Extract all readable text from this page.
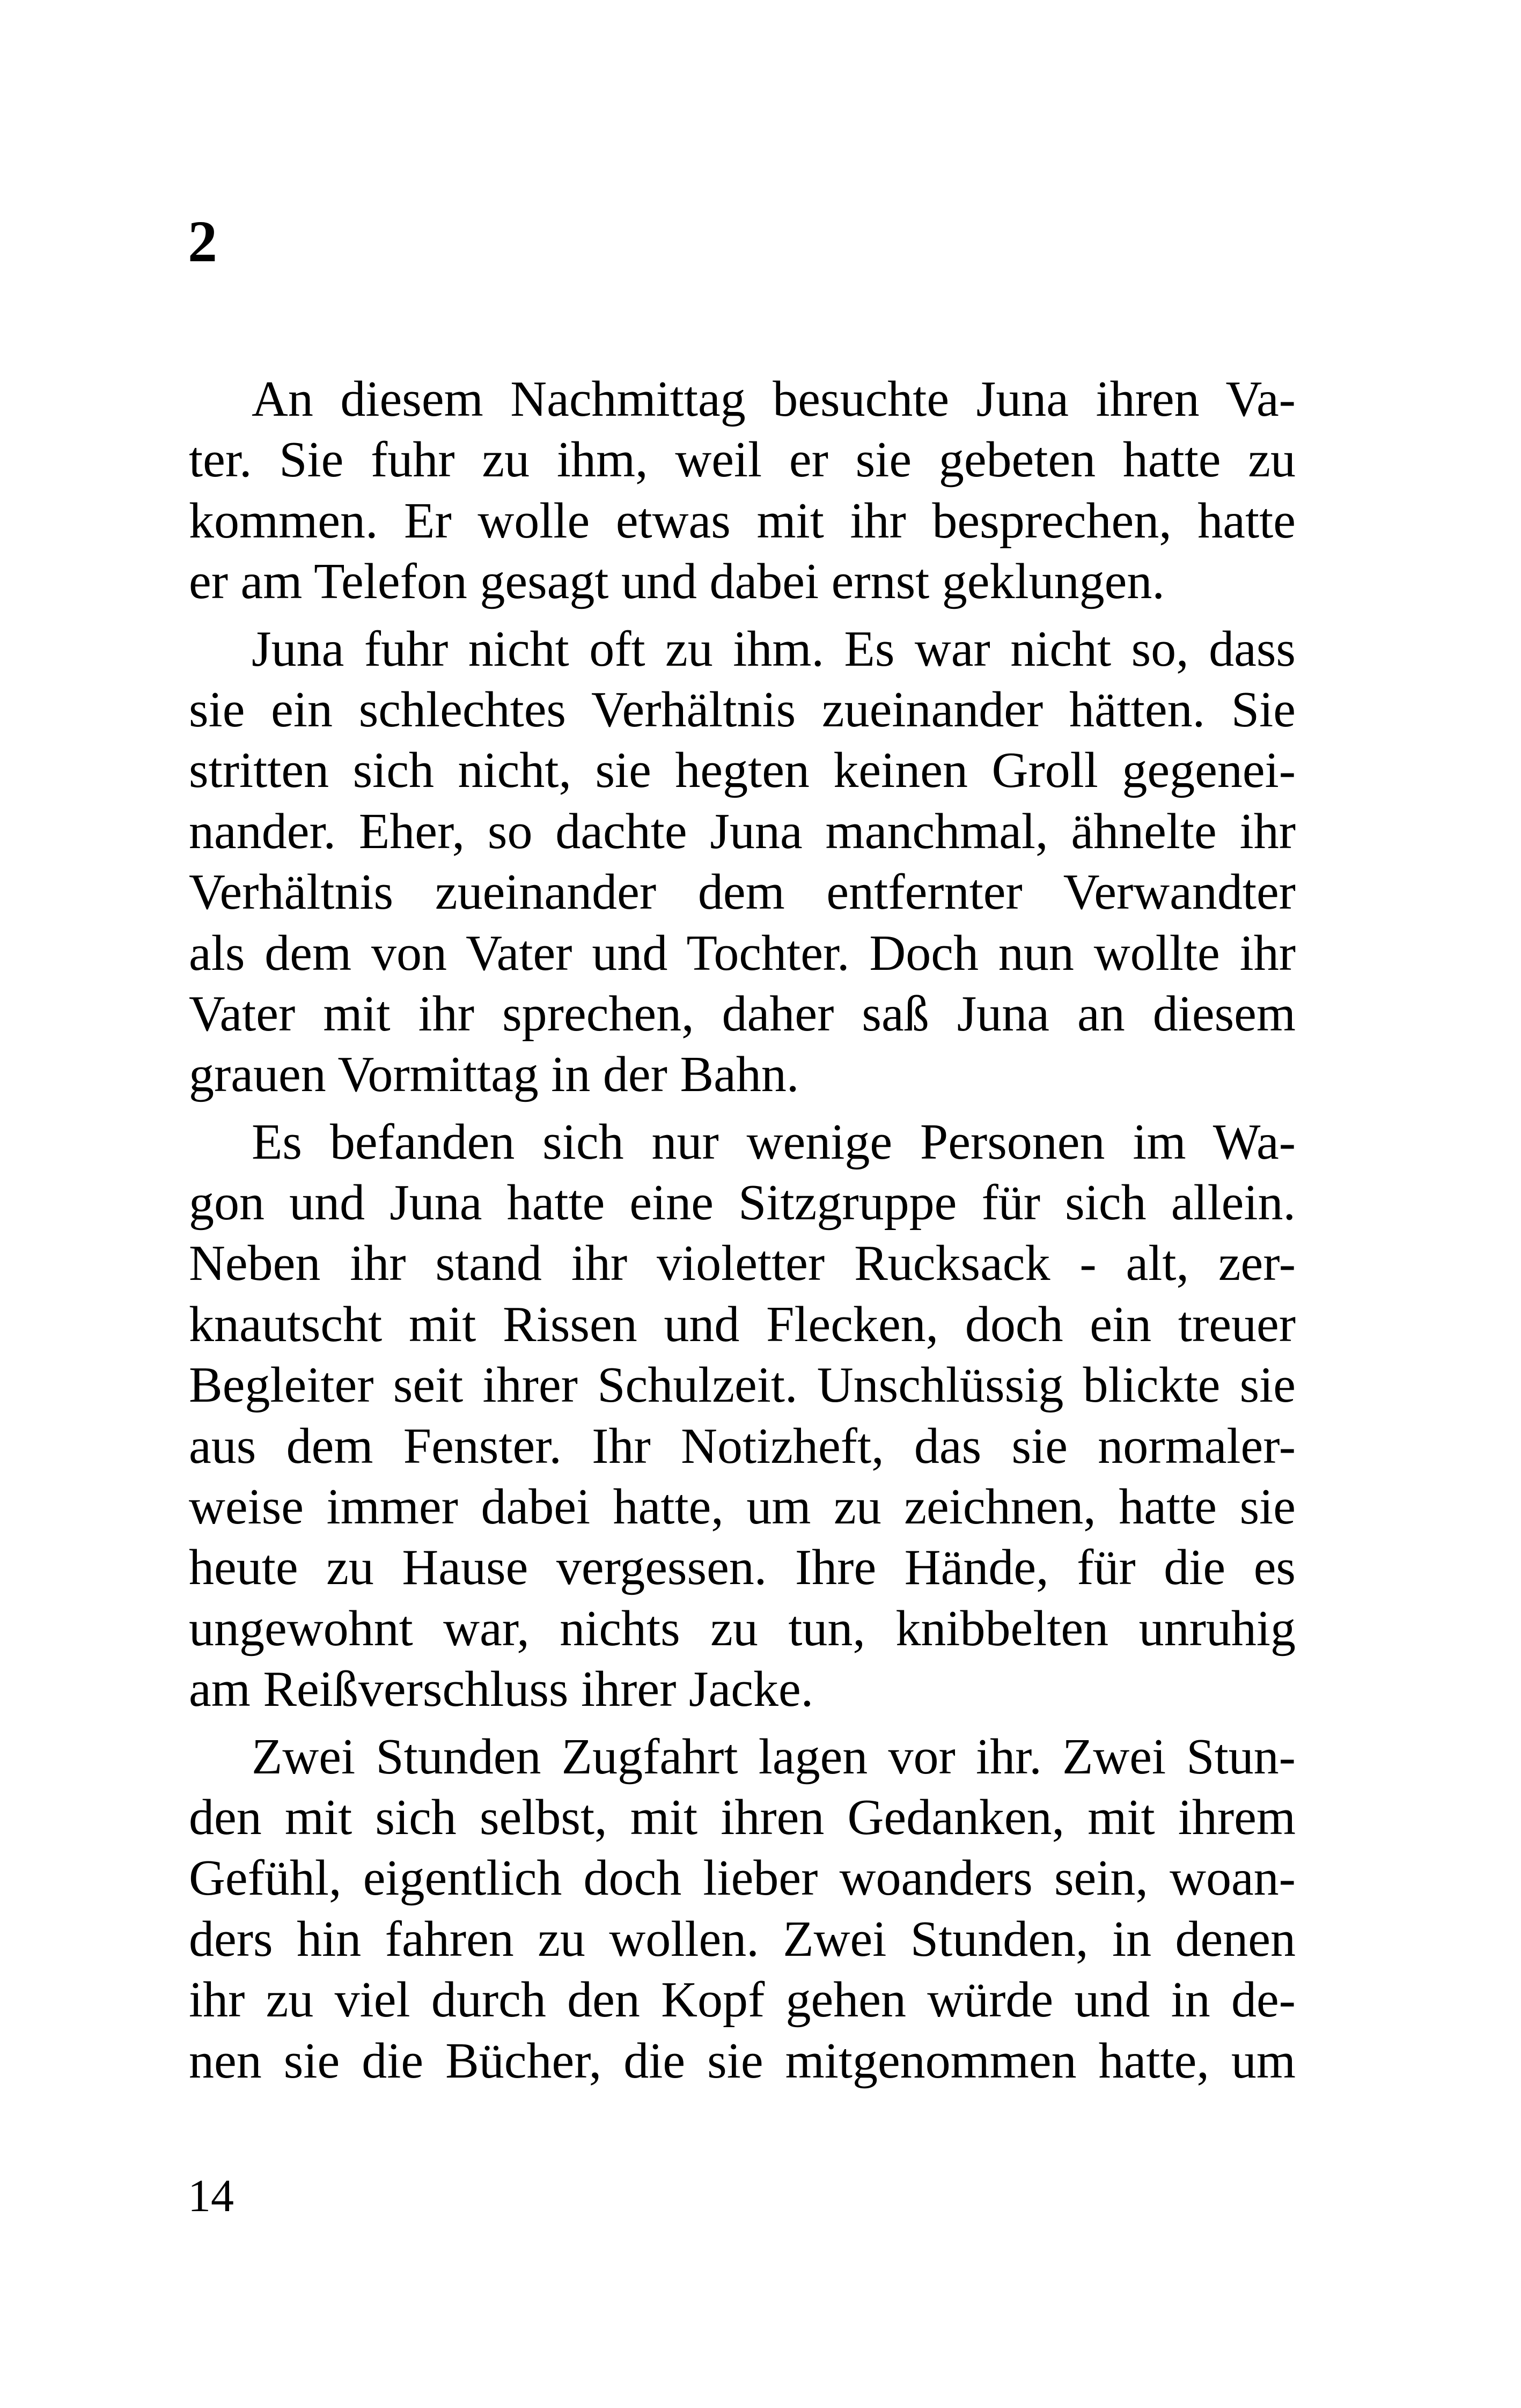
2
An diesem Nachmittag besuchte Juna ihren Va-
ter. Sie fuhr zu ihm, weil er sie gebeten hatte zu
kommen. Er wolle etwas mit ihr besprechen, hatte
er am Telefon gesagt und dabei ernst geklungen.
Juna fuhr nicht oft zu ihm. Es war nicht so, dass
sie ein schlechtes Verhältnis zueinander hätten. Sie
stritten sich nicht, sie hegten keinen Groll gegenei-
nander. Eher, so dachte Juna manchmal, ähnelte ihr
Verhältnis zueinander dem entfernter Verwandter
als dem von Vater und Tochter. Doch nun wollte ihr
Vater mit ihr sprechen, daher saß Juna an diesem
grauen Vormittag in der Bahn.
Es befanden sich nur wenige Personen im Wa-
gon und Juna hatte eine Sitzgruppe für sich allein.
Neben ihr stand ihr violetter Rucksack - alt, zer-
knautscht mit Rissen und Flecken, doch ein treuer
Begleiter seit ihrer Schulzeit. Unschlüssig blickte sie
aus dem Fenster. Ihr Notizheft, das sie normaler-
weise immer dabei hatte, um zu zeichnen, hatte sie
heute zu Hause vergessen. Ihre Hände, für die es
ungewohnt war, nichts zu tun, knibbelten unruhig
am Reißverschluss ihrer Jacke.
Zwei Stunden Zugfahrt lagen vor ihr. Zwei Stun-
den mit sich selbst, mit ihren Gedanken, mit ihrem
Gefühl, eigentlich doch lieber woanders sein, woan-
ders hin fahren zu wollen. Zwei Stunden, in denen
ihr zu viel durch den Kopf gehen würde und in de-
nen sie die Bücher, die sie mitgenommen hatte, um
14
